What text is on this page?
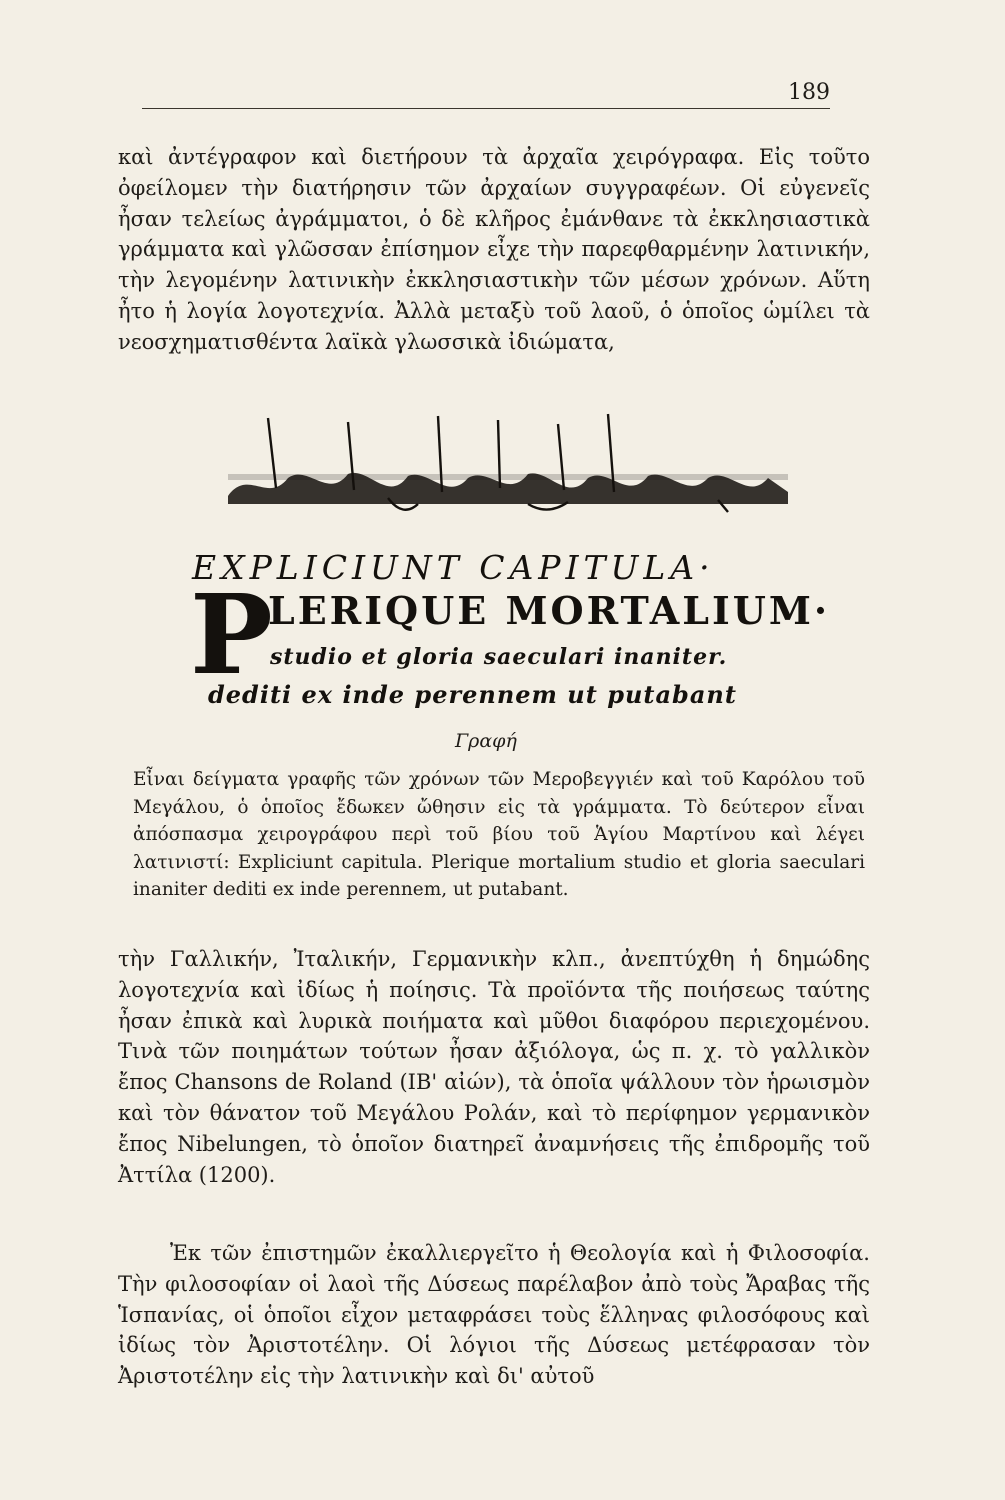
189

καὶ ἀντέγραφον καὶ διετήρουν τὰ ἀρχαῖα χειρόγραφα. Εἰς τοῦτο ὀφείλομεν τὴν διατήρησιν τῶν ἀρχαίων συγγραφέων. Οἱ εὐγενεῖς ἦσαν τελείως ἀγράμματοι, ὁ δὲ κλῆρος ἐμάνθανε τὰ ἐκκλησιαστικὰ γράμματα καὶ γλῶσσαν ἐπίσημον εἶχε τὴν παρεφθαρμένην λατινικήν, τὴν λεγομένην λατινικὴν ἐκκλησιαστικὴν τῶν μέσων χρόνων. Αὕτη ἦτο ἡ λογία λογοτεχνία. Ἀλλὰ μεταξὺ τοῦ λαοῦ, ὁ ὁποῖος ὡμίλει τὰ νεοσχηματισθέντα λαϊκὰ γλωσσικὰ ἰδιώματα,

EXPLICIUNT CAPITULA·
P
LERIQUE MORTALIUM·
studio et gloria saeculari inaniter.
dediti ex inde perennem ut putabant
Γραφή

Εἶναι δείγματα γραφῆς τῶν χρόνων τῶν Μεροβεγγιέν καὶ τοῦ Καρόλου τοῦ Μεγάλου, ὁ ὁποῖος ἔδωκεν ὤθησιν εἰς τὰ γράμματα. Τὸ δεύτερον εἶναι ἀπόσπασμα χειρογράφου περὶ τοῦ βίου τοῦ Ἁγίου Μαρτίνου καὶ λέγει λατινιστί: Expliciunt capitula. Plerique mortalium studio et gloria saeculari inaniter dediti ex inde perennem, ut putabant.

τὴν Γαλλικήν, Ἰταλικήν, Γερμανικὴν κλπ., ἀνεπτύχθη ἡ δημώδης λογοτεχνία καὶ ἰδίως ἡ ποίησις. Τὰ προϊόντα τῆς ποιήσεως ταύτης ἦσαν ἐπικὰ καὶ λυρικὰ ποιήματα καὶ μῦθοι διαφόρου περιεχομένου. Τινὰ τῶν ποιημάτων τούτων ἦσαν ἀξιόλογα, ὡς π. χ. τὸ γαλλικὸν ἔπος Chansons de Roland (ΙΒ' αἰών), τὰ ὁποῖα ψάλλουν τὸν ἡρωισμὸν καὶ τὸν θάνατον τοῦ Μεγάλου Ρολάν, καὶ τὸ περίφημον γερμανικὸν ἔπος Nibelungen, τὸ ὁποῖον διατηρεῖ ἀναμνήσεις τῆς ἐπιδρομῆς τοῦ Ἀττίλα (1200).

Ἐκ τῶν ἐπιστημῶν ἐκαλλιεργεῖτο ἡ Θεολογία καὶ ἡ Φιλοσοφία. Τὴν φιλοσοφίαν οἱ λαοὶ τῆς Δύσεως παρέλαβον ἀπὸ τοὺς Ἄραβας τῆς Ἱσπανίας, οἱ ὁποῖοι εἶχον μεταφράσει τοὺς ἕλληνας φιλοσόφους καὶ ἰδίως τὸν Ἀριστοτέλην. Οἱ λόγιοι τῆς Δύσεως μετέφρασαν τὸν Ἀριστοτέλην εἰς τὴν λατινικὴν καὶ δι' αὐτοῦ
